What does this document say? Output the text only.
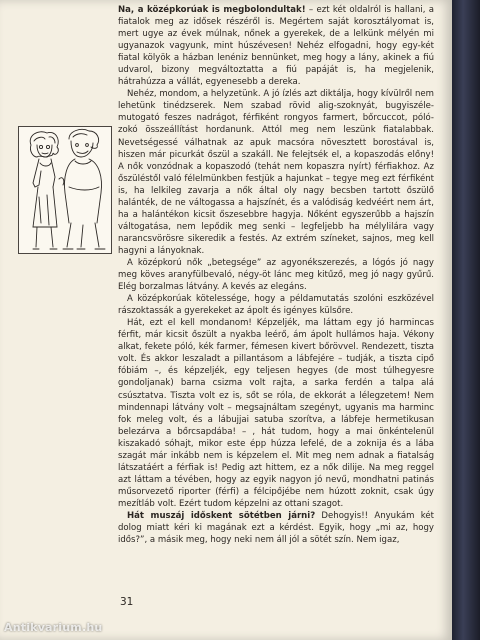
Na, a középkorúak is megbolondultak! – ezt két oldalról is hallani, a fiatalok meg az idősek részéről is. Megértem saját korosztályomat is, mert ugye az évek múlnak, nőnek a gyerekek, de a lelkünk mélyén mi ugyanazok vagyunk, mint húszévesen! Nehéz elfogadni, hogy egy-két fiatal kölyök a házban lenéniz bennünket, meg hogy a lány, akinek a fiú udvarol, bizony megváltoztatta a fiú papáját is, ha megjelenik, hátrahúzza a vállát, egyenesebb a dereka.

Nehéz, mondom, a helyzetünk. A jó ízlés azt diktálja, hogy kívülről nem lehetünk tinédzserek. Nem szabad rövid alig-szoknyát, bugyiszéle-mutogató feszes nadrágot, férfiként rongyos farmert, bőrcuccot, póló-zokó összeállítást hordanunk. Attól meg nem leszünk fiatalabbak. Nevetségessé válhatnak az apuk macsóra növesztett borostával is, hiszen már picurkát őszül a szakáll. Ne felejtsék el, a kopaszodás előny! A nők vonzódnak a kopaszodó (tehát nem kopaszra nyírt) férfiakhoz. Az őszüléstől való félelmünkben festjük a hajunkat – tegye meg ezt férfiként is, ha lelkileg zavarja a nők által oly nagy becsben tartott őszülő halánték, de ne váltogassa a hajszínét, és a valódiság kedvéért nem árt, ha a halántékon kicsit őszesebbre hagyja. Nőként egyszerűbb a hajszín váltogatása, nem lepődik meg senki – legfeljebb ha mélylilára vagy narancsvörösre sikeredik a festés. Az extrém színeket, sajnos, meg kell hagyni a lányoknak.

A középkorú nők „betegsége” az agyonékszerezés, a lógós jó nagy meg köves aranyfülbevaló, négy-öt lánc meg kitűző, meg jó nagy gyűrű. Elég borzalmas látvány. A kevés az elegáns.

A középkorúak kötelessége, hogy a példamutatás szolóni eszközével rászoktassák a gyerekeket az ápolt és igényes külsőre.

Hát, ezt el kell mondanom! Képzeljék, ma láttam egy jó harmincas férfit, már kicsit őszült a nyakba leérő, ám ápolt hullámos haja. Vékony alkat, fekete póló, kék farmer, fémesen kivert bőrövvel. Rendezett, tiszta volt. És akkor leszaladt a pillantásom a lábfejére – tudják, a tiszta cipő fóbiám –, és képzeljék, egy teljesen hegyes (de most túlhegyesre gondoljanak) barna csizma volt rajta, a sarka ferdén a talpa alá csúsztatva. Tiszta volt ez is, sőt se róla, de ekkorát a lélegzetem! Nem mindennapi látvány volt – megsajnáltam szegényt, ugyanis ma harminc fok meleg volt, és a lábujjai satuba szorítva, a lábfeje hermetikusan belezárva a bőrcsapdába! – , hát tudom, hogy a mai önkéntelenül kiszakadó sóhajt, mikor este épp húzza lefelé, de a zoknija és a lába szagát már inkább nem is képzelem el. Mit meg nem adnak a fiatalság látszatáért a férfiak is! Pedig azt hittem, ez a nők dilije. Na meg reggel azt láttam a tévében, hogy az egyik nagyon jó nevű, mondhatni patinás műsorvezető riporter (férfi) a félcipőjébe nem húzott zoknit, csak úgy mezítláb volt. Ezért tudom képzelni az ottani szagot.

Hát muszáj időskent sötétben járni? Dehogyis!! Anyukám két dolog miatt kéri ki magának ezt a kérdést. Egyik, hogy „mi az, hogy idős?”, a másik meg, hogy neki nem áll jól a sötét szín. Nem igaz,

31
Antikvarium.hu
